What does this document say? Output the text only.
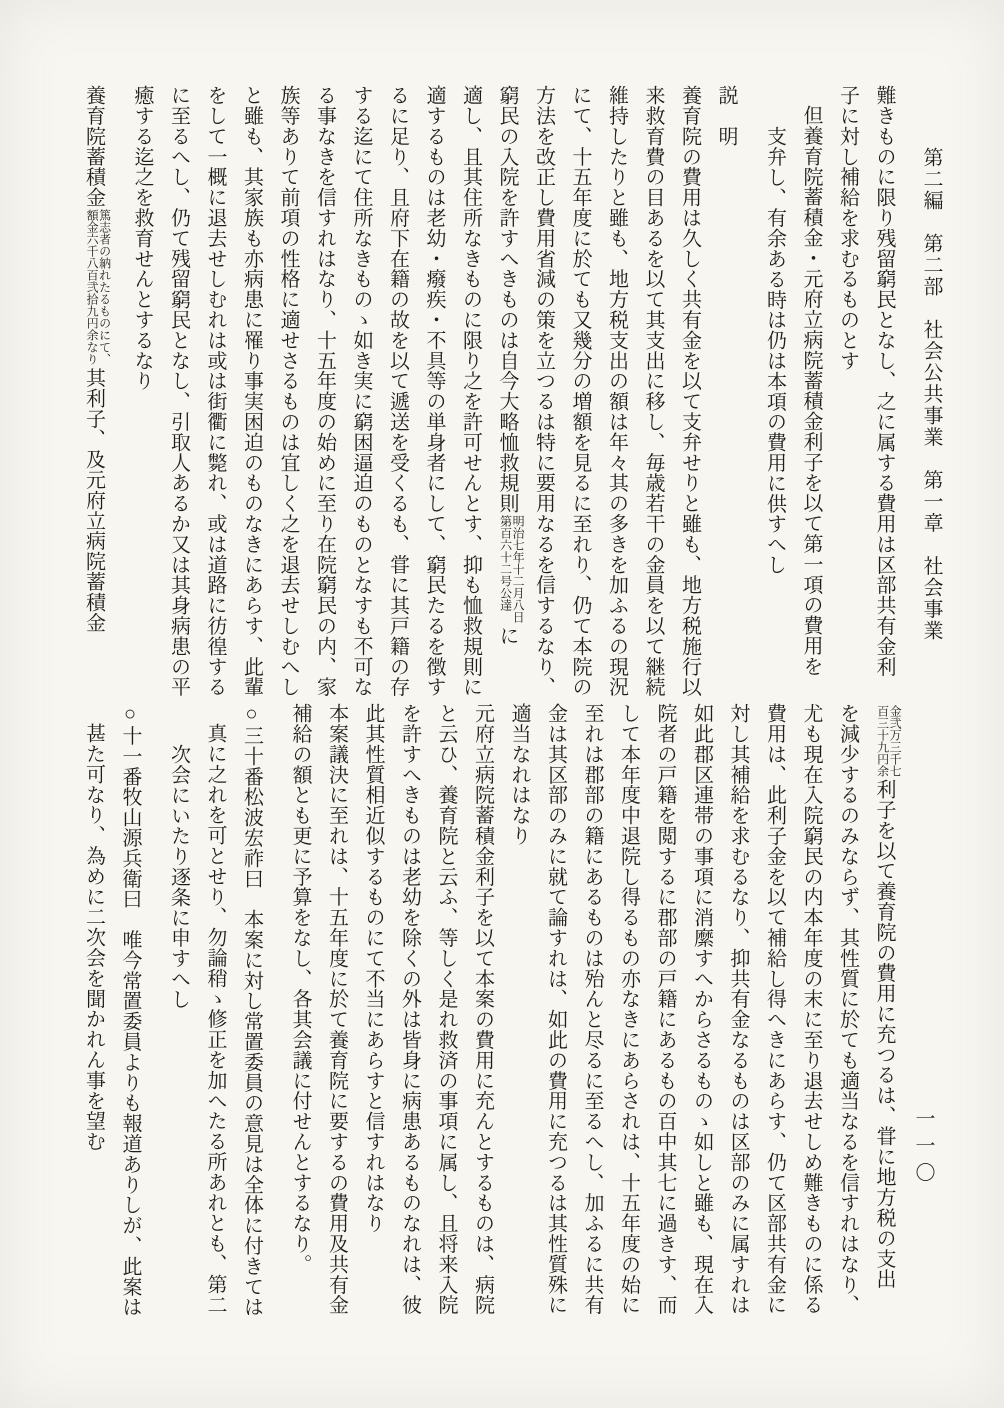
第二編　第二部　社会公共事業　第一章　社会事業
一一〇

難きものに限り残留窮民となし、之に属する費用は区部共有金利

子に対し補給を求むるものとす

但養育院蓄積金・元府立病院蓄積金利子を以て第一項の費用を

支弁し、有余ある時は仍は本項の費用に供すへし

説　明

養育院の費用は久しく共有金を以て支弁せりと雖も、地方税施行以

来救育費の目あるを以て其支出に移し、毎歳若干の金員を以て継続

維持したりと雖も、地方税支出の額は年々其の多きを加ふるの現況

にて、十五年度に於ても又幾分の増額を見るに至れり、仍て本院の

方法を改正し費用省減の策を立つるは特に要用なるを信するなり、

窮民の入院を許すへきものは自今大略恤救規則
明治七年十二月八日
第百六十二号公達
に

適し、且其住所なきものに限り之を許可せんとす、抑も恤救規則に

適するものは老幼・癈疾・不具等の単身者にして、窮民たるを徴す

るに足り、且府下在籍の故を以て遞送を受くるも、甞に其戸籍の存

する迄にて住所なきものゝ如き実に窮困逼迫のものとなすも不可な

る事なきを信すれはなり、十五年度の始めに至り在院窮民の内、家

族等ありて前項の性格に適せさるものは宜しく之を退去せしむへし

と雖も、其家族も亦病患に罹り事実困迫のものなきにあらす、此輩

をして一概に退去せしむれは或は街衢に斃れ、或は道路に彷徨する

に至るへし、仍て残留窮民となし、引取人あるか又は其身病患の平

癒する迄之を救育せんとするなり

養育院蓄積金
篤志者の納れたるものにて、
額金六千八百弐拾九円余なり
其利子、及元府立病院蓄積金

金弐万三千七
百三十九円余
利子を以て養育院の費用に充つるは、甞に地方税の支出

を減少するのみならず、其性質に於ても適当なるを信すれはなり、

尤も現在入院窮民の内本年度の末に至り退去せしめ難きものに係る

費用は、此利子金を以て補給し得へきにあらす、仍て区部共有金に

対し其補給を求むるなり、抑共有金なるものは区部のみに属すれは

如此郡区連帯の事項に消縻すへからさるものゝ如しと雖も、現在入

院者の戸籍を閲するに郡部の戸籍にあるもの百中其七に過きす、而

して本年度中退院し得るもの亦なきにあらされは、十五年度の始に

至れは郡部の籍にあるものは殆んと尽るに至るへし、加ふるに共有

金は其区部のみに就て論すれは、如此の費用に充つるは其性質殊に

適当なれはなり

元府立病院蓄積金利子を以て本案の費用に充んとするものは、病院

と云ひ、養育院と云ふ、等しく是れ救済の事項に属し、且将来入院

を許すへきものは老幼を除くの外は皆身に病患あるものなれは、彼

此其性質相近似するものにて不当にあらすと信すれはなり

本案議決に至れは、十五年度に於て養育院に要するの費用及共有金

補給の額とも更に予算をなし、各其会議に付せんとするなり。

○三十番松波宏祚曰　本案に対し常置委員の意見は全体に付きては

真に之れを可とせり、勿論稍ゝ修正を加へたる所あれとも、第二

次会にいたり逐条に申すへし

○十一番牧山源兵衛曰　唯今常置委員よりも報道ありしが、此案は

甚た可なり、為めに二次会を聞かれん事を望む
